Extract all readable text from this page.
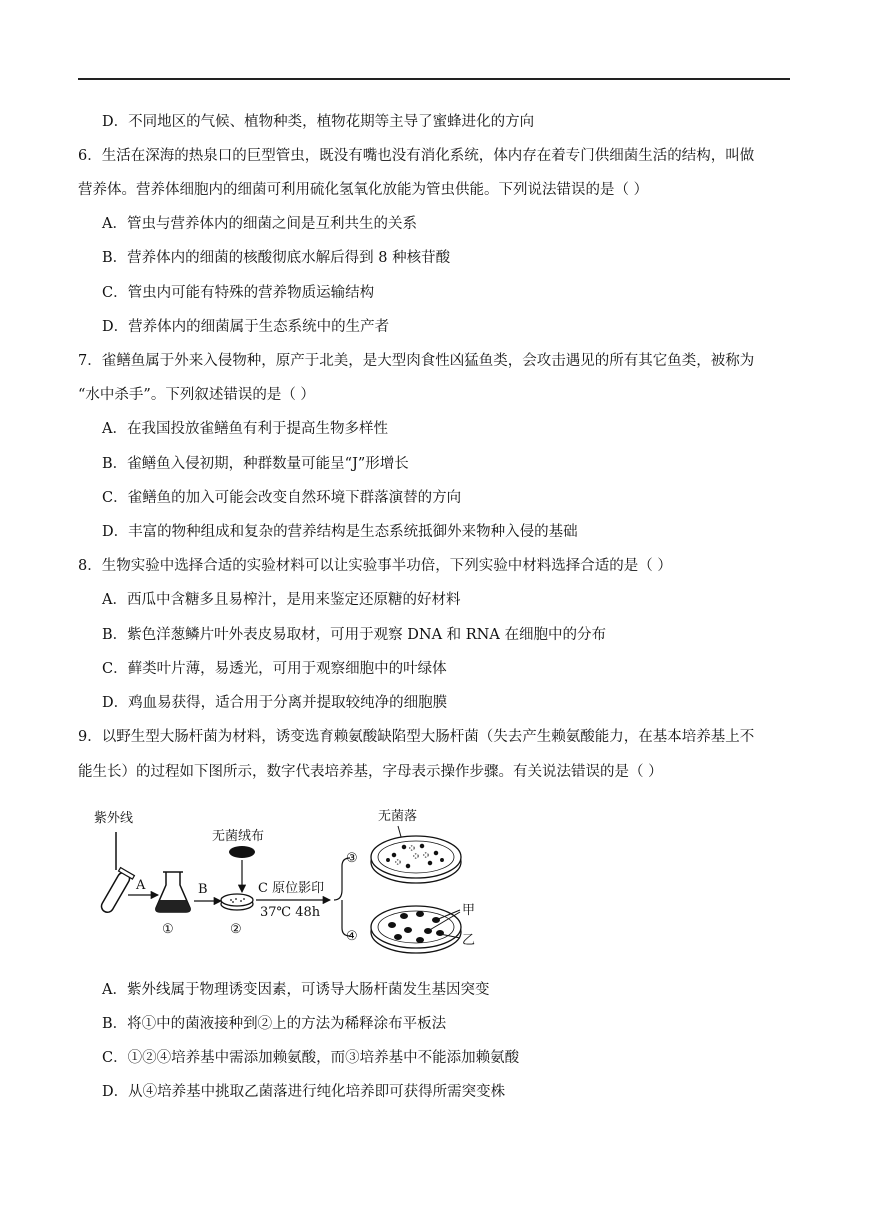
D．不同地区的气候、植物种类，植物花期等主导了蜜蜂进化的方向
6．生活在深海的热泉口的巨型管虫，既没有嘴也没有消化系统，体内存在着专门供细菌生活的结构，叫做
营养体。营养体细胞内的细菌可利用硫化氢氧化放能为管虫供能。下列说法错误的是（ ）
A．管虫与营养体内的细菌之间是互利共生的关系
B．营养体内的细菌的核酸彻底水解后得到 8 种核苷酸
C．管虫内可能有特殊的营养物质运输结构
D．营养体内的细菌属于生态系统中的生产者
7．雀鳝鱼属于外来入侵物种，原产于北美，是大型肉食性凶猛鱼类，会攻击遇见的所有其它鱼类，被称为
“水中杀手”。下列叙述错误的是（ ）
A．在我国投放雀鳝鱼有利于提高生物多样性
B．雀鳝鱼入侵初期，种群数量可能呈“J”形增长
C．雀鳝鱼的加入可能会改变自然环境下群落演替的方向
D．丰富的物种组成和复杂的营养结构是生态系统抵御外来物种入侵的基础
8．生物实验中选择合适的实验材料可以让实验事半功倍，下列实验中材料选择合适的是（ ）
A．西瓜中含糖多且易榨汁，是用来鉴定还原糖的好材料
B．紫色洋葱鳞片叶外表皮易取材，可用于观察 DNA 和 RNA 在细胞中的分布
C．藓类叶片薄，易透光，可用于观察细胞中的叶绿体
D．鸡血易获得，适合用于分离并提取较纯净的细胞膜
9．以野生型大肠杆菌为材料，诱变选育赖氨酸缺陷型大肠杆菌（失去产生赖氨酸能力，在基本培养基上不
能生长）的过程如下图所示，数字代表培养基，字母表示操作步骤。有关说法错误的是（ ）
紫外线
A
①
B
无菌绒布
②
C 原位影印
37℃ 48h
③
④
无菌落
甲
乙
A．紫外线属于物理诱变因素，可诱导大肠杆菌发生基因突变
B．将①中的菌液接种到②上的方法为稀释涂布平板法
C．①②④培养基中需添加赖氨酸，而③培养基中不能添加赖氨酸
D．从④培养基中挑取乙菌落进行纯化培养即可获得所需突变株
